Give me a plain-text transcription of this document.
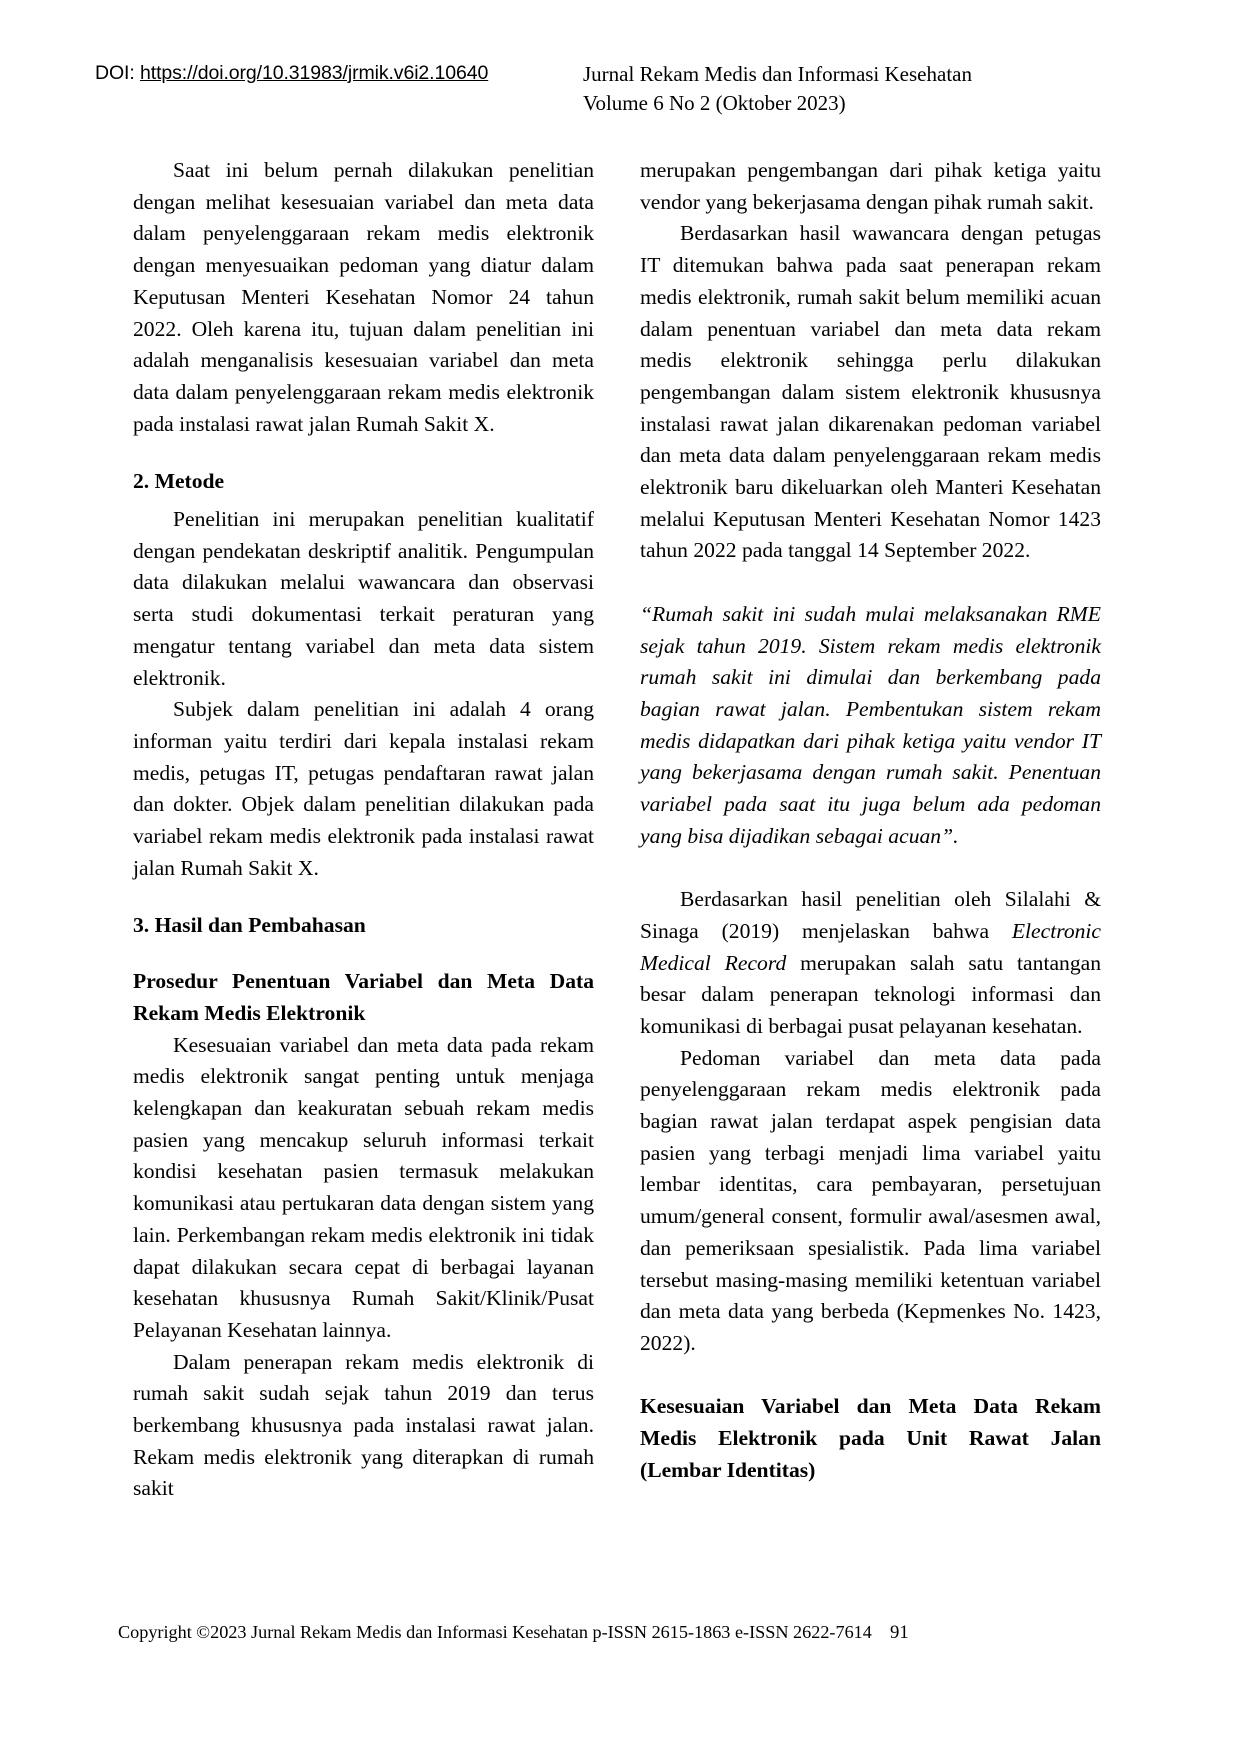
DOI: https://doi.org/10.31983/jrmik.v6i2.10640	Jurnal Rekam Medis dan Informasi Kesehatan
Volume 6 No 2 (Oktober 2023)

Saat ini belum pernah dilakukan penelitian dengan melihat kesesuaian variabel dan meta data dalam penyelenggaraan rekam medis elektronik dengan menyesuaikan pedoman yang diatur dalam Keputusan Menteri Kesehatan Nomor 24 tahun 2022. Oleh karena itu, tujuan dalam penelitian ini adalah menganalisis kesesuaian variabel dan meta data dalam penyelenggaraan rekam medis elektronik pada instalasi rawat jalan Rumah Sakit X.

2. Metode

Penelitian ini merupakan penelitian kualitatif dengan pendekatan deskriptif analitik. Pengumpulan data dilakukan melalui wawancara dan observasi serta studi dokumentasi terkait peraturan yang mengatur tentang variabel dan meta data sistem elektronik.

Subjek dalam penelitian ini adalah 4 orang informan yaitu terdiri dari kepala instalasi rekam medis, petugas IT, petugas pendaftaran rawat jalan dan dokter. Objek dalam penelitian dilakukan pada variabel rekam medis elektronik pada instalasi rawat jalan Rumah Sakit X.

3. Hasil dan Pembahasan
Prosedur Penentuan Variabel dan Meta Data Rekam Medis Elektronik

Kesesuaian variabel dan meta data pada rekam medis elektronik sangat penting untuk menjaga kelengkapan dan keakuratan sebuah rekam medis pasien yang mencakup seluruh informasi terkait kondisi kesehatan pasien termasuk melakukan komunikasi atau pertukaran data dengan sistem yang lain. Perkembangan rekam medis elektronik ini tidak dapat dilakukan secara cepat di berbagai layanan kesehatan khususnya Rumah Sakit/Klinik/Pusat Pelayanan Kesehatan lainnya.

Dalam penerapan rekam medis elektronik di rumah sakit sudah sejak tahun 2019 dan terus berkembang khususnya pada instalasi rawat jalan. Rekam medis elektronik yang diterapkan di rumah sakit

merupakan pengembangan dari pihak ketiga yaitu vendor yang bekerjasama dengan pihak rumah sakit.

Berdasarkan hasil wawancara dengan petugas IT ditemukan bahwa pada saat penerapan rekam medis elektronik, rumah sakit belum memiliki acuan dalam penentuan variabel dan meta data rekam medis elektronik sehingga perlu dilakukan pengembangan dalam sistem elektronik khususnya instalasi rawat jalan dikarenakan pedoman variabel dan meta data dalam penyelenggaraan rekam medis elektronik baru dikeluarkan oleh Manteri Kesehatan melalui Keputusan Menteri Kesehatan Nomor 1423 tahun 2022 pada tanggal 14 September 2022.

“Rumah sakit ini sudah mulai melaksanakan RME sejak tahun 2019. Sistem rekam medis elektronik rumah sakit ini dimulai dan berkembang pada bagian rawat jalan. Pembentukan sistem rekam medis didapatkan dari pihak ketiga yaitu vendor IT yang bekerjasama dengan rumah sakit. Penentuan variabel pada saat itu juga belum ada pedoman yang bisa dijadikan sebagai acuan”.

Berdasarkan hasil penelitian oleh Silalahi & Sinaga (2019) menjelaskan bahwa Electronic Medical Record merupakan salah satu tantangan besar dalam penerapan teknologi informasi dan komunikasi di berbagai pusat pelayanan kesehatan.

Pedoman variabel dan meta data pada penyelenggaraan rekam medis elektronik pada bagian rawat jalan terdapat aspek pengisian data pasien yang terbagi menjadi lima variabel yaitu lembar identitas, cara pembayaran, persetujuan umum/general consent, formulir awal/asesmen awal, dan pemeriksaan spesialistik. Pada lima variabel tersebut masing-masing memiliki ketentuan variabel dan meta data yang berbeda (Kepmenkes No. 1423, 2022).

Kesesuaian Variabel dan Meta Data Rekam Medis Elektronik pada Unit Rawat Jalan (Lembar Identitas)
Copyright ©2023 Jurnal Rekam Medis dan Informasi Kesehatan p-ISSN 2615-1863 e-ISSN 2622-7614 91
